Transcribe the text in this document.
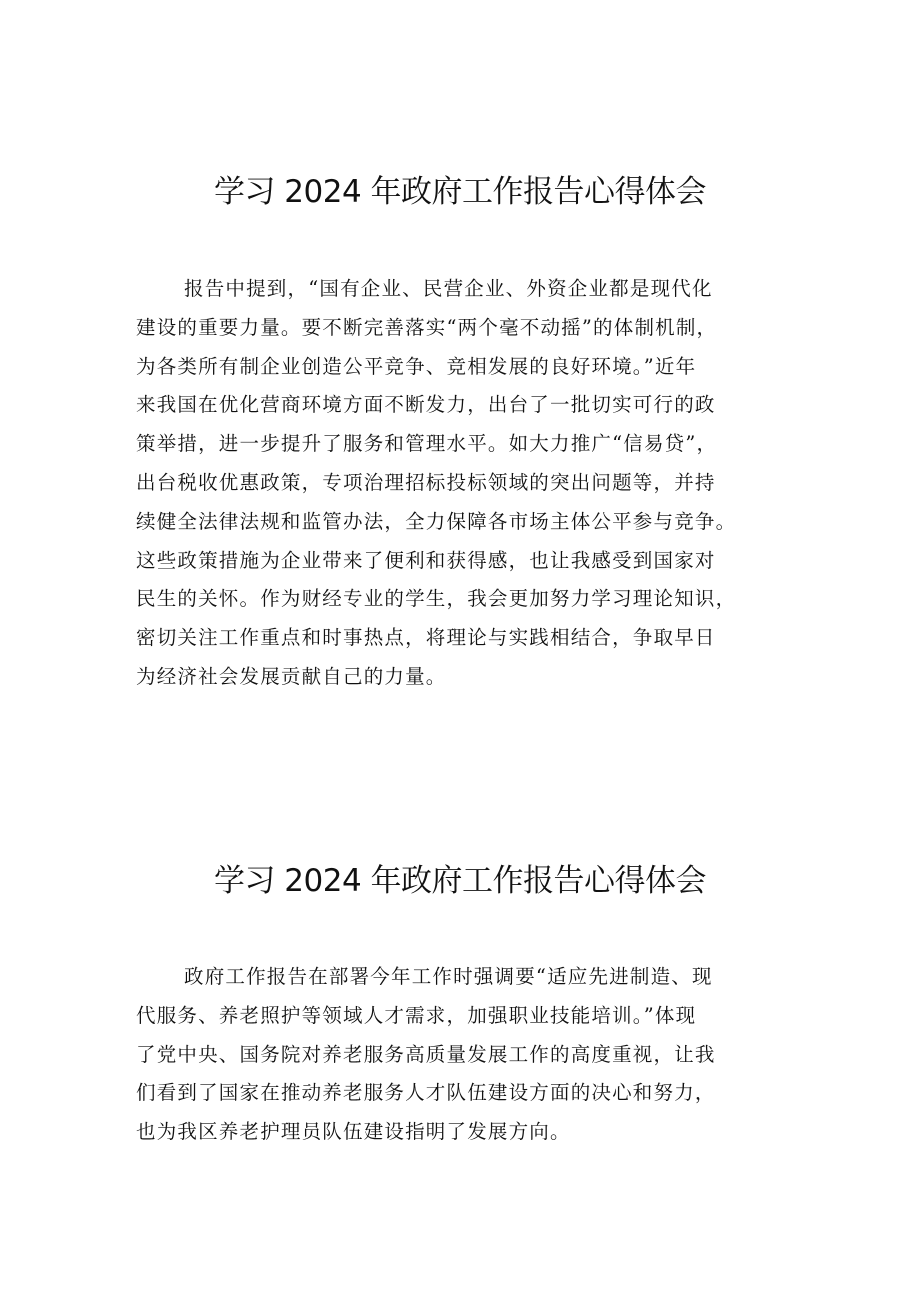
学习 2024 年政府工作报告心得体会
报告中提到，“国有企业、民营企业、外资企业都是现代化
建设的重要力量。要不断完善落实“两个毫不动摇”的体制机制，
为各类所有制企业创造公平竞争、竞相发展的良好环境。”近年
来我国在优化营商环境方面不断发力，出台了一批切实可行的政
策举措，进一步提升了服务和管理水平。如大力推广“信易贷”，
出台税收优惠政策，专项治理招标投标领域的突出问题等，并持
续健全法律法规和监管办法，全力保障各市场主体公平参与竞争。
这些政策措施为企业带来了便利和获得感，也让我感受到国家对
民生的关怀。作为财经专业的学生，我会更加努力学习理论知识，
密切关注工作重点和时事热点，将理论与实践相结合，争取早日
为经济社会发展贡献自己的力量。
学习 2024 年政府工作报告心得体会
政府工作报告在部署今年工作时强调要“适应先进制造、现
代服务、养老照护等领域人才需求，加强职业技能培训。”体现
了党中央、国务院对养老服务高质量发展工作的高度重视，让我
们看到了国家在推动养老服务人才队伍建设方面的决心和努力，
也为我区养老护理员队伍建设指明了发展方向。
